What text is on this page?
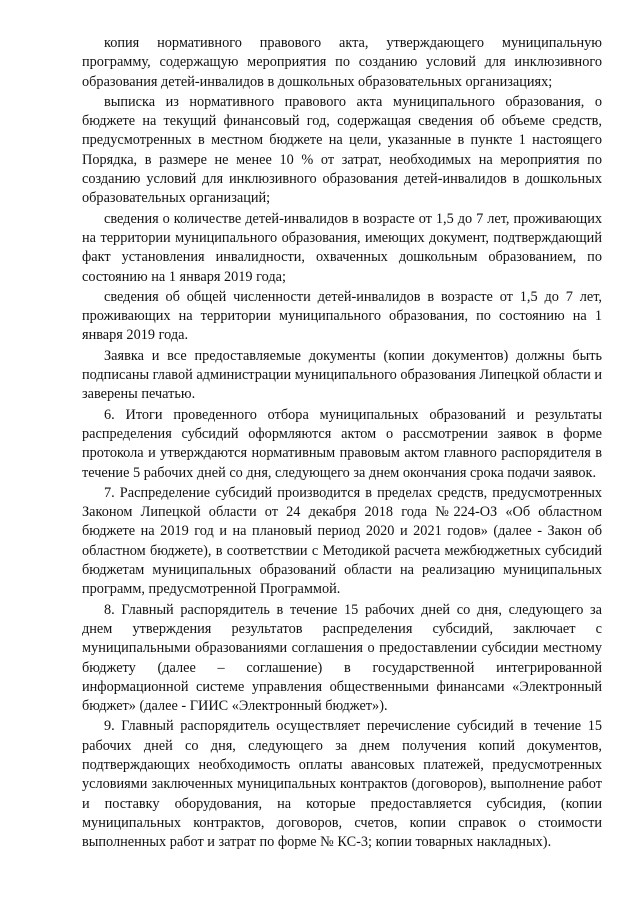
копия нормативного правового акта, утверждающего муниципальную программу, содержащую мероприятия по созданию условий для инклюзивного образования детей-инвалидов в дошкольных образовательных организациях;

выписка из нормативного правового акта муниципального образования, о бюджете на текущий финансовый год, содержащая сведения об объеме средств, предусмотренных в местном бюджете на цели, указанные в пункте 1 настоящего Порядка, в размере не менее 10 % от затрат, необходимых на мероприятия по созданию условий для инклюзивного образования детей-инвалидов в дошкольных образовательных организаций;

сведения о количестве детей-инвалидов в возрасте от 1,5 до 7 лет, проживающих на территории муниципального образования, имеющих документ, подтверждающий факт установления инвалидности, охваченных дошкольным образованием, по состоянию на 1 января 2019 года;

сведения об общей численности детей-инвалидов в возрасте от 1,5 до 7 лет, проживающих на территории муниципального образования, по состоянию на 1 января 2019 года.

Заявка и все предоставляемые документы (копии документов) должны быть подписаны главой администрации муниципального образования Липецкой области и заверены печатью.

6. Итоги проведенного отбора муниципальных образований и результаты распределения субсидий оформляются актом о рассмотрении заявок в форме протокола и утверждаются нормативным правовым актом главного распорядителя в течение 5 рабочих дней со дня, следующего за днем окончания срока подачи заявок.

7. Распределение субсидий производится в пределах средств, предусмотренных Законом Липецкой области от 24 декабря 2018 года №224-ОЗ «Об областном бюджете на 2019 год и на плановый период 2020 и 2021 годов» (далее - Закон об областном бюджете), в соответствии с Методикой расчета межбюджетных субсидий бюджетам муниципальных образований области на реализацию муниципальных программ, предусмотренной Программой.

8. Главный распорядитель в течение 15 рабочих дней со дня, следующего за днем утверждения результатов распределения субсидий, заключает с муниципальными образованиями соглашения о предоставлении субсидии местному бюджету (далее – соглашение) в государственной интегрированной информационной системе управления общественными финансами «Электронный бюджет» (далее - ГИИС «Электронный бюджет»).

9. Главный распорядитель осуществляет перечисление субсидий в течение 15 рабочих дней со дня, следующего за днем получения копий документов, подтверждающих необходимость оплаты авансовых платежей, предусмотренных условиями заключенных муниципальных контрактов (договоров), выполнение работ и поставку оборудования, на которые предоставляется субсидия, (копии муниципальных контрактов, договоров, счетов, копии справок о стоимости выполненных работ и затрат по форме № КС-3; копии товарных накладных).
